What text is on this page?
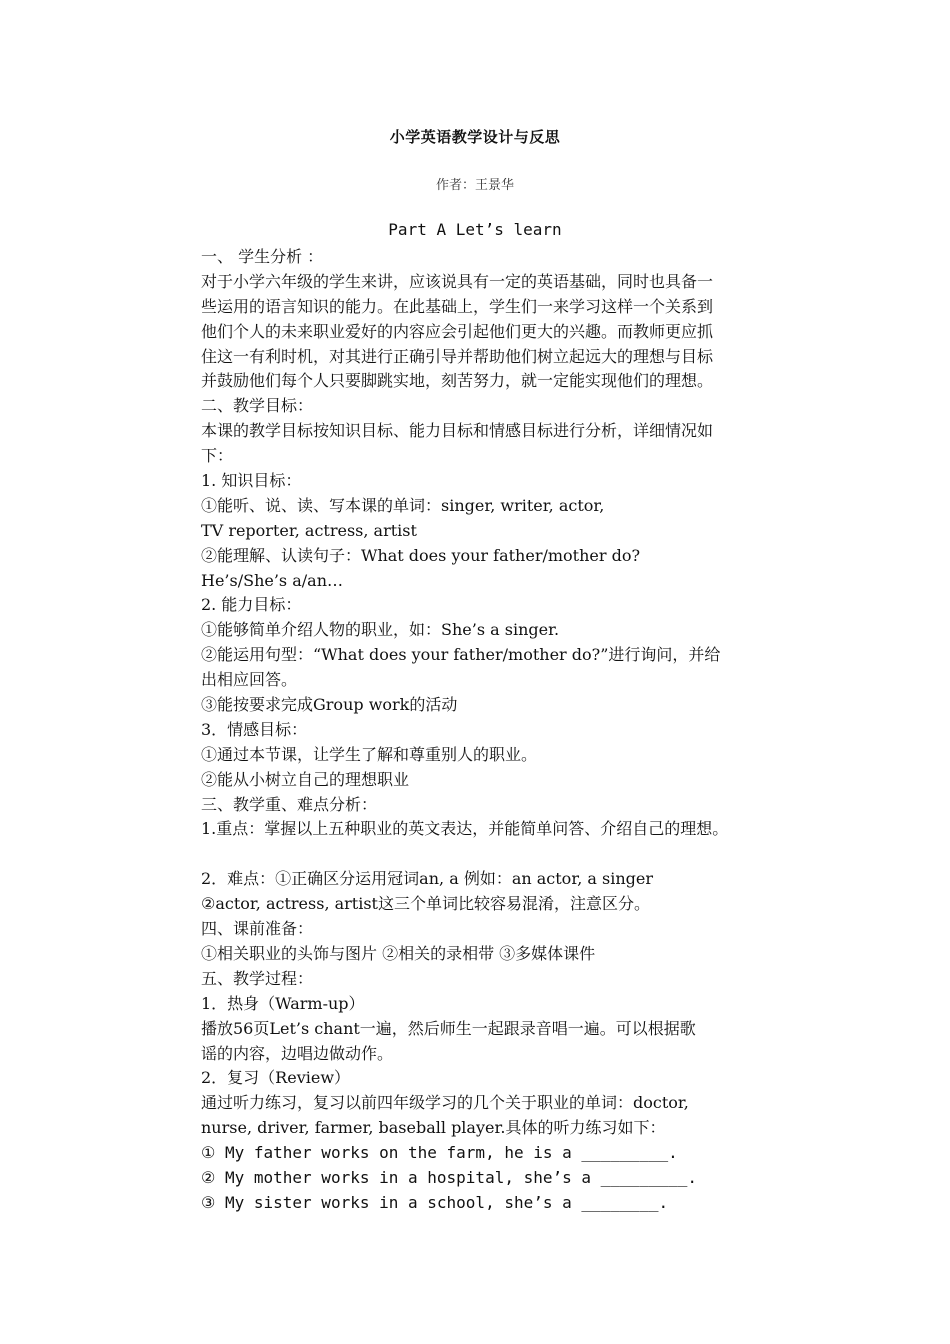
小学英语教学设计与反思
作者：王景华
Part A Let’s learn
一、 学生分析 ：
对于小学六年级的学生来讲，应该说具有一定的英语基础，同时也具备一
些运用的语言知识的能力。在此基础上，学生们一来学习这样一个关系到
他们个人的未来职业爱好的内容应会引起他们更大的兴趣。而教师更应抓
住这一有利时机，对其进行正确引导并帮助他们树立起远大的理想与目标
并鼓励他们每个人只要脚跳实地，刻苦努力，就一定能实现他们的理想。
二、教学目标：
本课的教学目标按知识目标、能力目标和情感目标进行分析，详细情况如
下：
1. 知识目标：
①能听、说、读、写本课的单词：singer, writer, actor,
TV reporter, actress, artist
②能理解、认读句子：What does your father/mother do?
He’s/She’s a/an…
2. 能力目标：
①能够简单介绍人物的职业，如：She’s a singer.
②能运用句型：“What does your father/mother do?”进行询问，并给
出相应回答。
③能按要求完成Group work的活动
3．情感目标：
①通过本节课，让学生了解和尊重别人的职业。
②能从小树立自己的理想职业
三、教学重、难点分析：
1.重点：掌握以上五种职业的英文表达，并能简单问答、介绍自己的理想。
2．难点：①正确区分运用冠词an, a 例如：an actor, a singer
②actor, actress, artist这三个单词比较容易混淆，注意区分。
四、课前准备：
①相关职业的头饰与图片 ②相关的录相带 ③多媒体课件
五、教学过程：
1．热身（Warm-up）
播放56页Let’s chant一遍，然后师生一起跟录音唱一遍。可以根据歌
谣的内容，边唱边做动作。
2．复习（Review）
通过听力练习，复习以前四年级学习的几个关于职业的单词：doctor,
nurse, driver, farmer, baseball player.具体的听力练习如下：
① My father works on the farm, he is a _________.
② My mother works in a hospital, she’s a _________.
③ My sister works in a school, she’s a ________.
